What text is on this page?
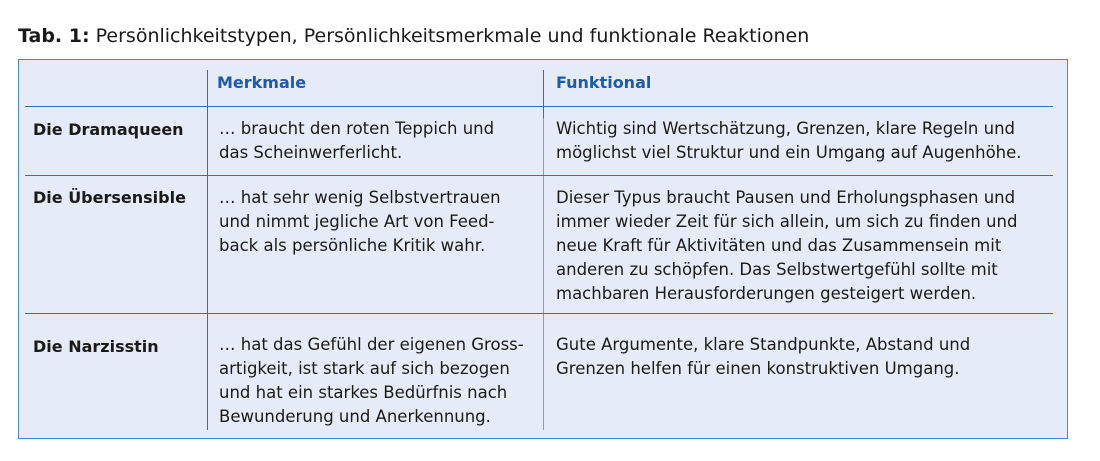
Tab. 1: Persönlichkeitstypen, Persönlichkeitsmerkmale und funktionale Reaktionen
Merkmale	Funktional
Die Dramaqueen … braucht den roten Teppich und
das Scheinwerferlicht.
Wichtig sind Wertschätzung, Grenzen, klare Regeln und
möglichst viel Struktur und ein Umgang auf Augenhöhe.
Die Übersensible … hat sehr wenig Selbstvertrauen
und nimmt jegliche Art von Feed-
back als persönliche Kritik wahr.
Dieser Typus braucht Pausen und Erholungsphasen und
immer wieder Zeit für sich allein, um sich zu finden und
neue Kraft für Aktivitäten und das Zusammensein mit
anderen zu schöpfen. Das Selbstwertgefühl sollte mit
machbaren Herausforderungen gesteigert werden.
Die Narzisstin	… hat das Gefühl der eigenen Gross-
artigkeit, ist stark auf sich bezogen
und hat ein starkes Bedürfnis nach
Bewunderung und Anerkennung.
Gute Argumente, klare Standpunkte, Abstand und
Grenzen helfen für einen konstruktiven Umgang.
